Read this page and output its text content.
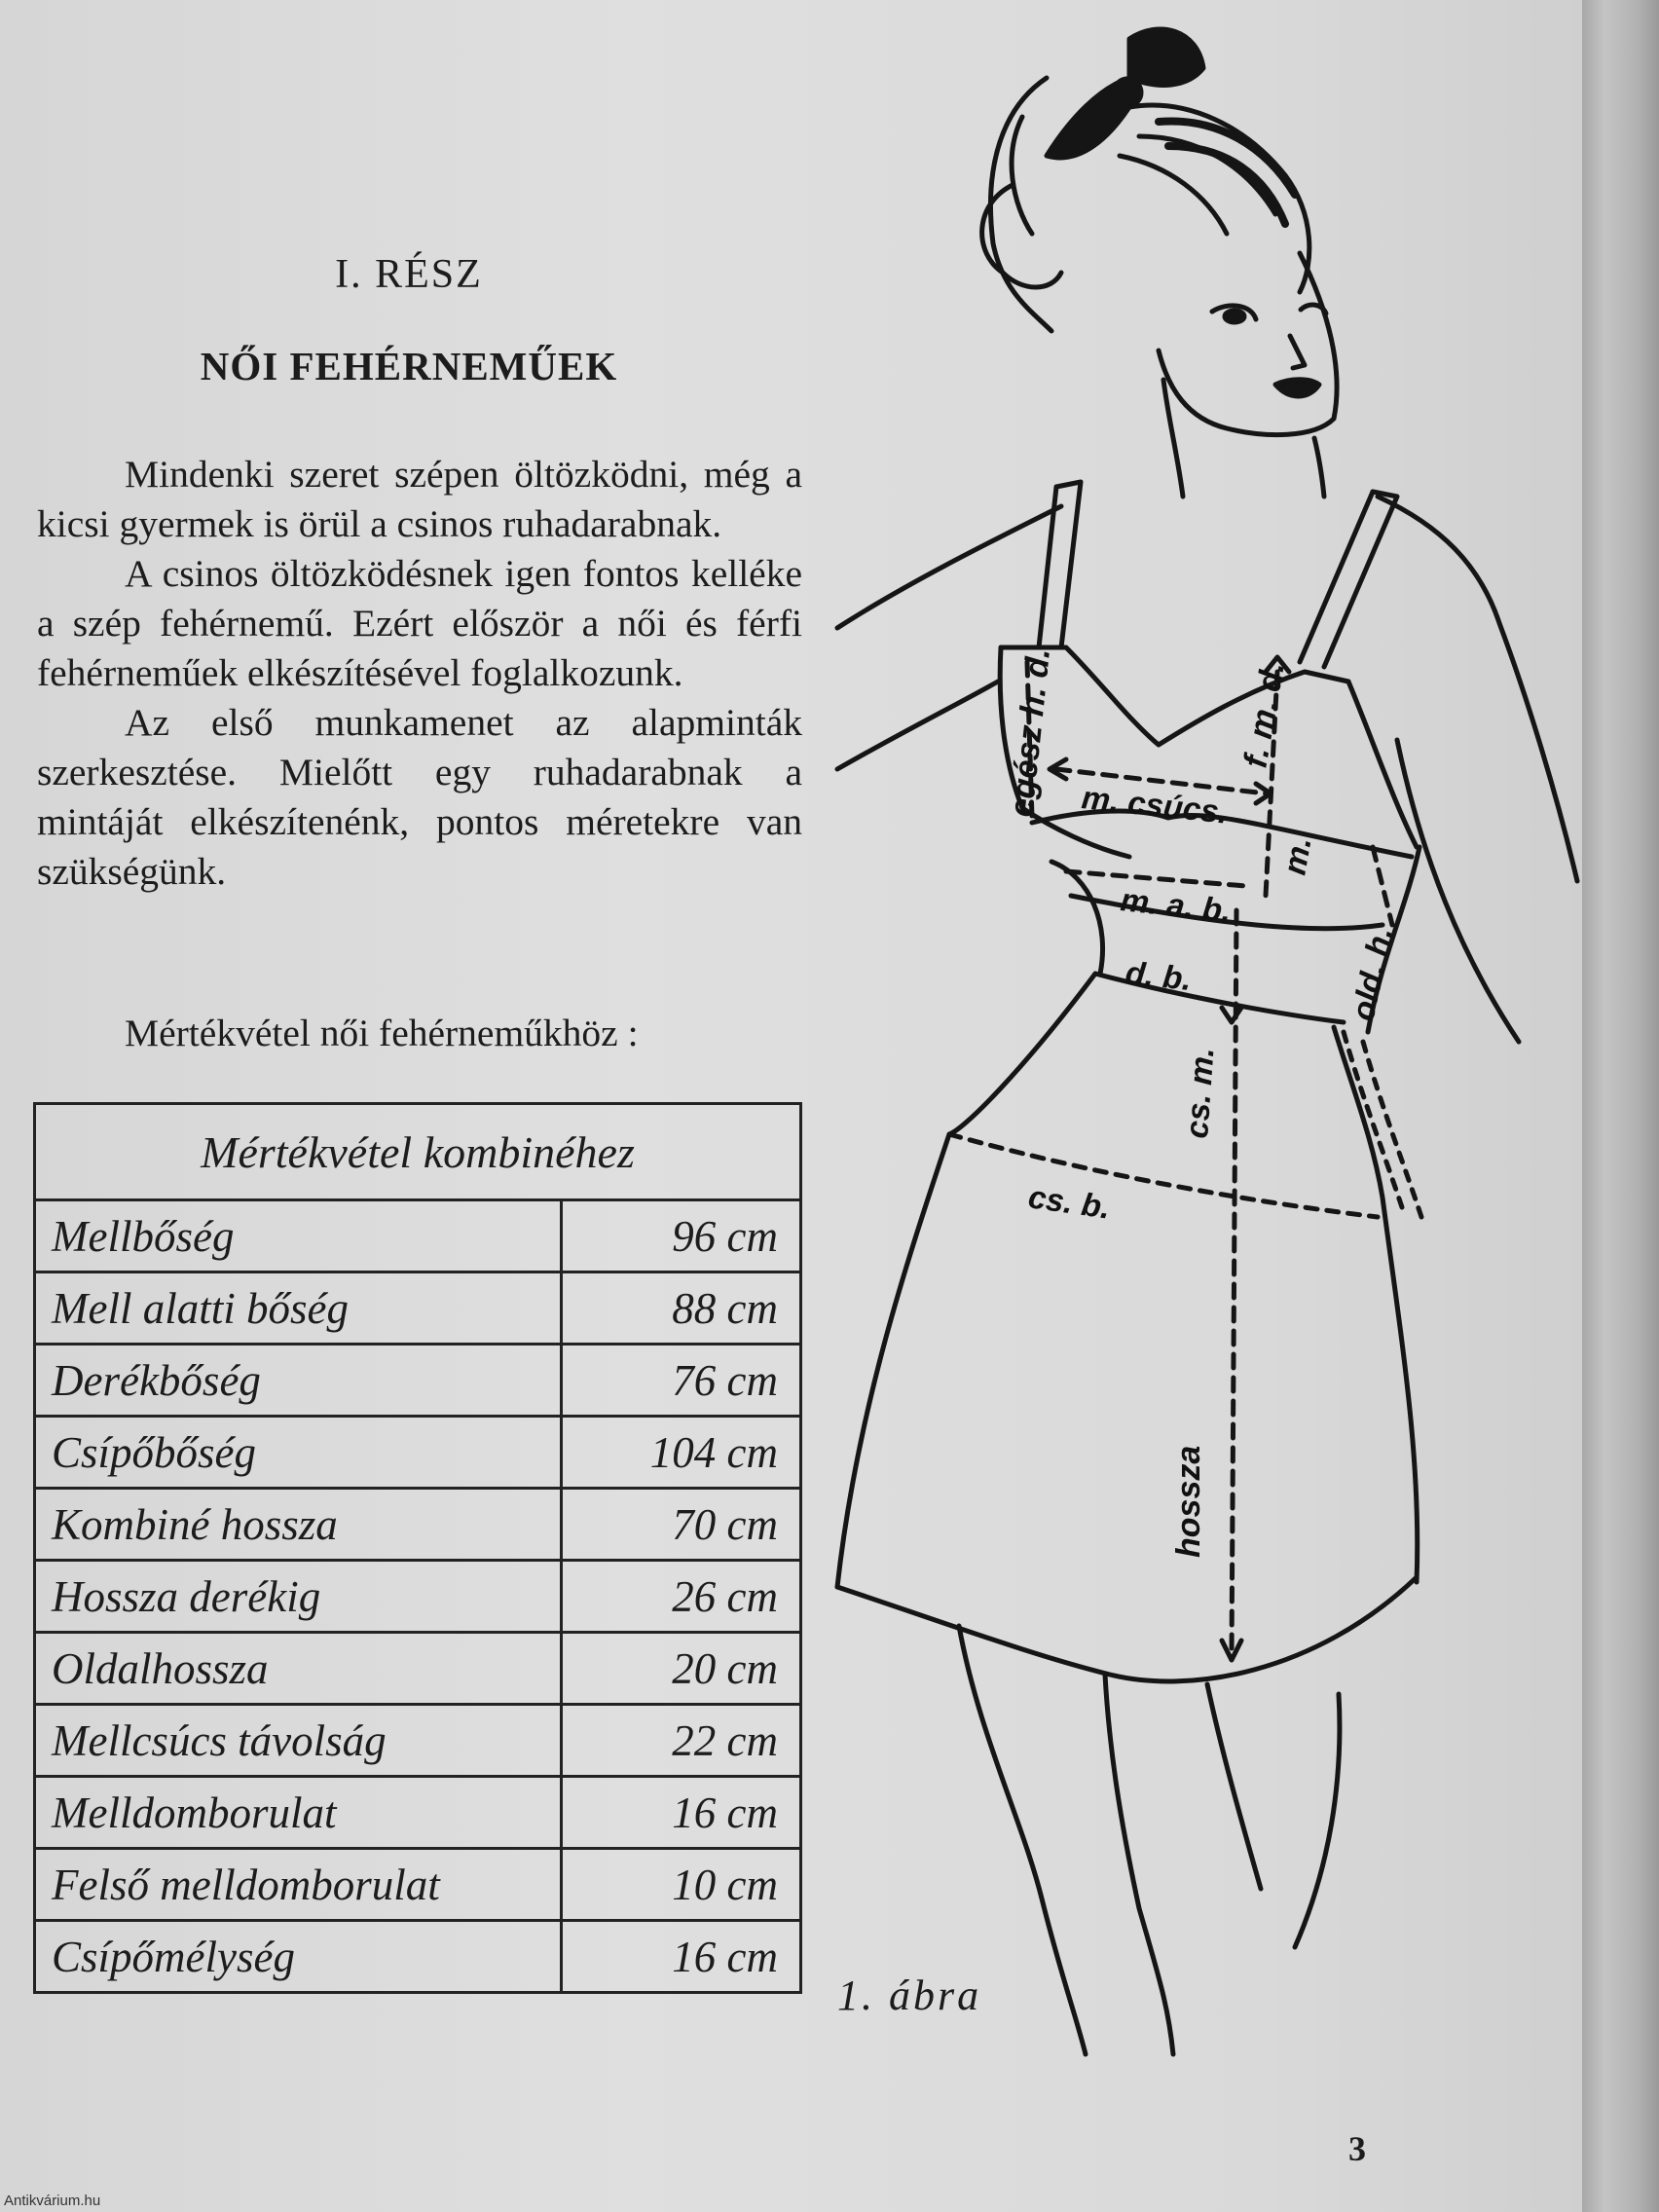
I. RÉSZ
NŐI FEHÉRNEMŰEK

Mindenki szeret szépen öltözködni, még a kicsi gyermek is örül a csinos ruhadarabnak.

A csinos öltözködésnek igen fontos kelléke a szép fehérnemű. Ezért először a női és férfi fehérneműek elkészítésével foglalkozunk.

Az első munkamenet az alapminták szerkesztése. Mielőtt egy ruhadarabnak a mintáját elkészítenénk, pontos méretekre van szükségünk.

Mértékvétel női fehérneműkhöz :
Mértékvétel kombinéhez	
Mellbőség	96 cm
Mell alatti bőség	88 cm
Derékbőség	76 cm
Csípőbőség	104 cm
Kombiné hossza	70 cm
Hossza derékig	26 cm
Oldalhossza	20 cm
Mellcsúcs távolság	22 cm
Melldomborulat	16 cm
Felső melldomborulat	10 cm
Csípőmélység	16 cm
egész h. d.	f. m. d.
m. csúcs.
m.
m. a. b.
d. b.	old. h.
cs. m.
cs. b.
hossza
1. ábra
3
Antikvárium.hu
